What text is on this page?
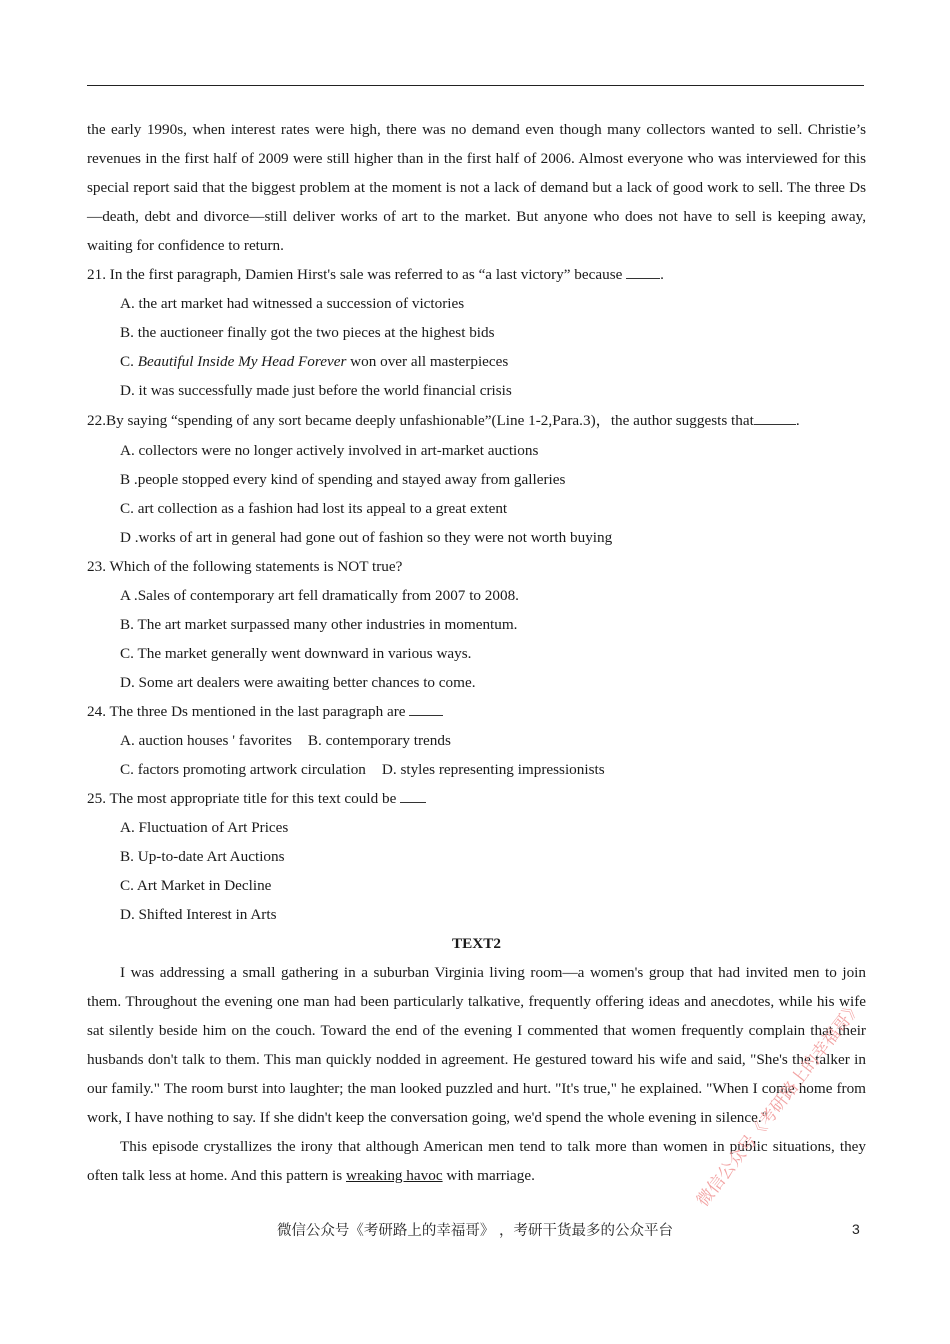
the early 1990s, when interest rates were high, there was no demand even though many collectors wanted to sell. Christie’s revenues in the first half of 2009 were still higher than in the first half of 2006. Almost everyone who was interviewed for this special report said that the biggest problem at the moment is not a lack of demand but a lack of good work to sell. The three Ds—death, debt and divorce—still deliver works of art to the market. But anyone who does not have to sell is keeping away, waiting for confidence to return.

21. In the first paragraph, Damien Hirst's sale was referred to as “a last victory” because .

A. the art market had witnessed a succession of victories

B. the auctioneer finally got the two pieces at the highest bids

C. Beautiful Inside My Head Forever won over all masterpieces

D. it was successfully made just before the world financial crisis

22.By saying “spending of any sort became deeply unfashionable”(Line 1-2,Para.3)，the author suggests that	.

A. collectors were no longer actively involved in art-market auctions

B .people stopped every kind of spending and stayed away from galleries

C. art collection as a fashion had lost its appeal to a great extent

D .works of art in general had gone out of fashion so they were not worth buying

23. Which of the following statements is NOT true?

A .Sales of contemporary art fell dramatically from 2007 to 2008.

B. The art market surpassed many other industries in momentum.

C. The market generally went downward in various ways.

D. Some art dealers were awaiting better chances to come.

24. The three Ds mentioned in the last paragraph are

A. auction houses ' favorites B. contemporary trends

C. factors promoting artwork circulation D. styles representing impressionists

25. The most appropriate title for this text could be

A. Fluctuation of Art Prices

B. Up-to-date Art Auctions

C. Art Market in Decline

D. Shifted Interest in Arts

TEXT2

I was addressing a small gathering in a suburban Virginia living room—a women's group that had invited men to join them. Throughout the evening one man had been particularly talkative, frequently offering ideas and anecdotes, while his wife sat silently beside him on the couch. Toward the end of the evening I commented that women frequently complain that their husbands don't talk to them. This man quickly nodded in agreement. He gestured toward his wife and said, "She's the talker in our family." The room burst into laughter; the man looked puzzled and hurt. "It's true," he explained. "When I come home from work, I have nothing to say. If she didn't keep the conversation going, we'd spend the whole evening in silence."

This episode crystallizes the irony that although American men tend to talk more than women in public situations, they often talk less at home. And this pattern is wreaking havoc with marriage.	微信公众号《考研路上的幸福哥》
微信公众号《考研路上的幸福哥》 ，考研干货最多的公众平台	3
